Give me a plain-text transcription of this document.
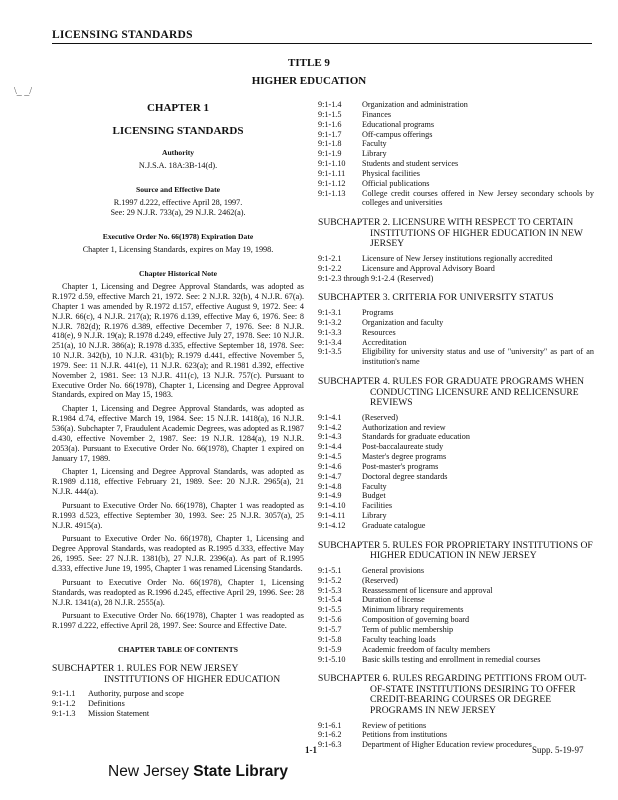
LICENSING STANDARDS
TITLE 9
HIGHER EDUCATION
\_ _/
CHAPTER 1
LICENSING STANDARDS
Authority
N.J.S.A. 18A:3B-14(d).
Source and Effective Date
R.1997 d.222, effective April 28, 1997.
See: 29 N.J.R. 733(a), 29 N.J.R. 2462(a).
Executive Order No. 66(1978) Expiration Date
Chapter 1, Licensing Standards, expires on May 19, 1998.
Chapter Historical Note

Chapter 1, Licensing and Degree Approval Standards, was adopted as R.1972 d.59, effective March 21, 1972. See: 2 N.J.R. 32(b), 4 N.J.R. 67(a). Chapter 1 was amended by R.1972 d.157, effective August 9, 1972. See: 4 N.J.R. 66(c), 4 N.J.R. 217(a); R.1976 d.139, effective May 6, 1976. See: 8 N.J.R. 782(d); R.1976 d.389, effective December 7, 1976. See: 8 N.J.R. 418(e), 9 N.J.R. 19(a); R.1978 d.249, effective July 27, 1978. See: 10 N.J.R. 251(a), 10 N.J.R. 386(a); R.1978 d.335, effective September 18, 1978. See: 10 N.J.R. 342(b), 10 N.J.R. 431(b); R.1979 d.441, effective November 5, 1979. See: 11 N.J.R. 441(e), 11 N.J.R. 623(a); and R.1981 d.392, effective November 2, 1981. See: 13 N.J.R. 411(c), 13 N.J.R. 757(c). Pursuant to Executive Order No. 66(1978), Chapter 1, Licensing and Degree Approval Standards, expired on May 15, 1983.

Chapter 1, Licensing and Degree Approval Standards, was adopted as R.1984 d.74, effective March 19, 1984. See: 15 N.J.R. 1418(a), 16 N.J.R. 536(a). Subchapter 7, Fraudulent Academic Degrees, was adopted as R.1987 d.430, effective November 2, 1987. See: 19 N.J.R. 1284(a), 19 N.J.R. 2053(a). Pursuant to Executive Order No. 66(1978), Chapter 1 expired on January 17, 1989.

Chapter 1, Licensing and Degree Approval Standards, was adopted as R.1989 d.118, effective February 21, 1989. See: 20 N.J.R. 2965(a), 21 N.J.R. 444(a).

Pursuant to Executive Order No. 66(1978), Chapter 1 was readopted as R.1993 d.523, effective September 30, 1993. See: 25 N.J.R. 3057(a), 25 N.J.R. 4915(a).

Pursuant to Executive Order No. 66(1978), Chapter 1, Licensing and Degree Approval Standards, was readopted as R.1995 d.333, effective May 26, 1995. See: 27 N.J.R. 1381(b), 27 N.J.R. 2396(a). As part of R.1995 d.333, effective June 19, 1995, Chapter 1 was renamed Licensing Standards.

Pursuant to Executive Order No. 66(1978), Chapter 1, Licensing Standards, was readopted as R.1996 d.245, effective April 29, 1996. See: 28 N.J.R. 1341(a), 28 N.J.R. 2555(a).

Pursuant to Executive Order No. 66(1978), Chapter 1 was readopted as R.1997 d.222, effective April 28, 1997. See: Source and Effective Date.

CHAPTER TABLE OF CONTENTS
SUBCHAPTER 1. RULES FOR NEW JERSEY INSTITUTIONS OF HIGHER EDUCATION
9:1-1.1	Authority, purpose and scope
9:1-1.2	Definitions
9:1-1.3	Mission Statement
9:1-1.4	Organization and administration
9:1-1.5	Finances
9:1-1.6	Educational programs
9:1-1.7	Off-campus offerings
9:1-1.8	Faculty
9:1-1.9	Library
9:1-1.10	Students and student services
9:1-1.11	Physical facilities
9:1-1.12	Official publications
9:1-1.13	College credit courses offered in New Jersey secondary schools by colleges and universities
SUBCHAPTER 2. LICENSURE WITH RESPECT TO CERTAIN INSTITUTIONS OF HIGHER EDUCATION IN NEW JERSEY
9:1-2.1	Licensure of New Jersey institutions regionally accredited
9:1-2.2	Licensure and Approval Advisory Board
9:1-2.3 through 9:1-2.4 (Reserved)
SUBCHAPTER 3. CRITERIA FOR UNIVERSITY STATUS
9:1-3.1	Programs
9:1-3.2	Organization and faculty
9:1-3.3	Resources
9:1-3.4	Accreditation
9:1-3.5	Eligibility for university status and use of "university" as part of an institution's name
SUBCHAPTER 4. RULES FOR GRADUATE PROGRAMS WHEN CONDUCTING LICENSURE AND RELICENSURE REVIEWS
9:1-4.1	(Reserved)
9:1-4.2	Authorization and review
9:1-4.3	Standards for graduate education
9:1-4.4	Post-baccalaureate study
9:1-4.5	Master's degree programs
9:1-4.6	Post-master's programs
9:1-4.7	Doctoral degree standards
9:1-4.8	Faculty
9:1-4.9	Budget
9:1-4.10	Facilities
9:1-4.11	Library
9:1-4.12	Graduate catalogue
SUBCHAPTER 5. RULES FOR PROPRIETARY INSTITUTIONS OF HIGHER EDUCATION IN NEW JERSEY
9:1-5.1	General provisions
9:1-5.2	(Reserved)
9:1-5.3	Reassessment of licensure and approval
9:1-5.4	Duration of license
9:1-5.5	Minimum library requirements
9:1-5.6	Composition of governing board
9:1-5.7	Term of public membership
9:1-5.8	Faculty teaching loads
9:1-5.9	Academic freedom of faculty members
9:1-5.10	Basic skills testing and enrollment in remedial courses
SUBCHAPTER 6. RULES REGARDING PETITIONS FROM OUT-OF-STATE INSTITUTIONS DESIRING TO OFFER CREDIT-BEARING COURSES OR DEGREE PROGRAMS IN NEW JERSEY
9:1-6.1	Review of petitions
9:1-6.2	Petitions from institutions
9:1-6.3	Department of Higher Education review procedures
1-1	Supp. 5-19-97
New Jersey State Library
